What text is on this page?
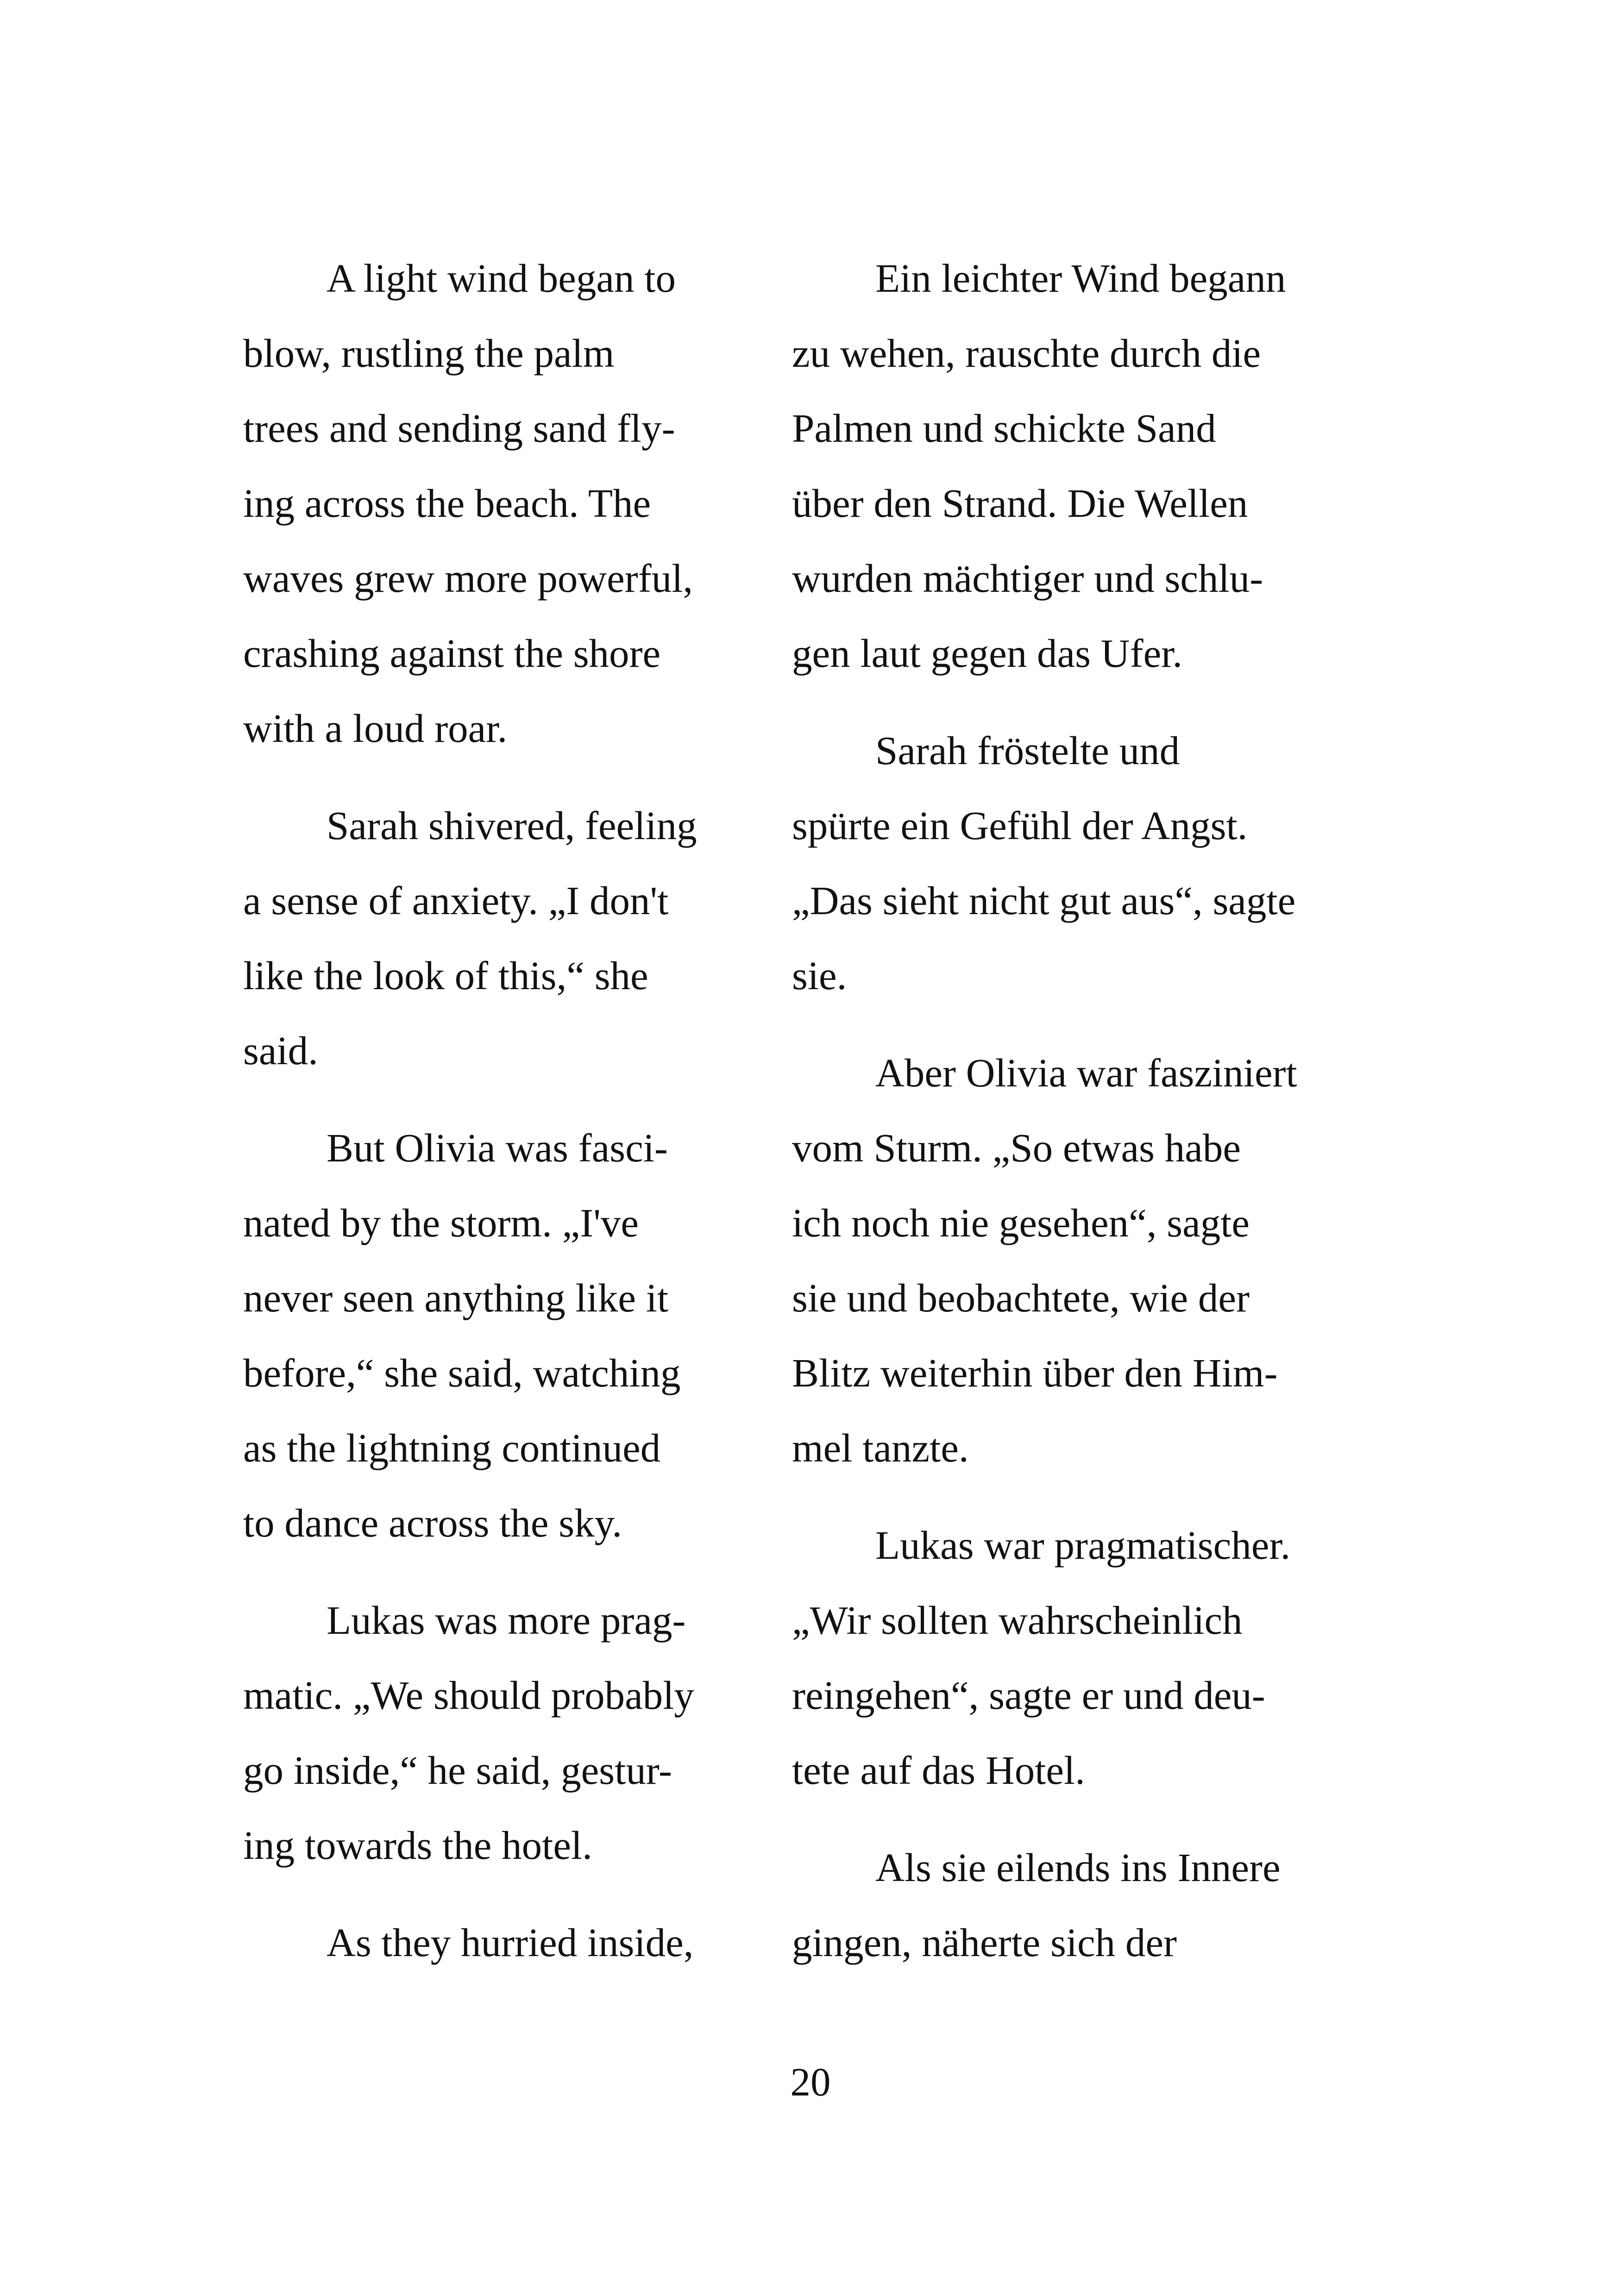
A light wind began to
blow, rustling the palm
trees and sending sand fly-
ing across the beach. The
waves grew more powerful,
crashing against the shore
with a loud roar.
Sarah shivered, feeling
a sense of anxiety. „I don't
like the look of this,“ she
said.
But Olivia was fasci-
nated by the storm. „I've
never seen anything like it
before,“ she said, watching
as the lightning continued
to dance across the sky.
Lukas was more prag-
matic. „We should probably
go inside,“ he said, gestur-
ing towards the hotel.
As they hurried inside,
Ein leichter Wind begann
zu wehen, rauschte durch die
Palmen und schickte Sand
über den Strand. Die Wellen
wurden mächtiger und schlu-
gen laut gegen das Ufer.
Sarah fröstelte und
spürte ein Gefühl der Angst.
„Das sieht nicht gut aus“, sagte
sie.
Aber Olivia war fasziniert
vom Sturm. „So etwas habe
ich noch nie gesehen“, sagte
sie und beobachtete, wie der
Blitz weiterhin über den Him-
mel tanzte.
Lukas war pragmatischer.
„Wir sollten wahrscheinlich
reingehen“, sagte er und deu-
tete auf das Hotel.
Als sie eilends ins Innere
gingen, näherte sich der
20
